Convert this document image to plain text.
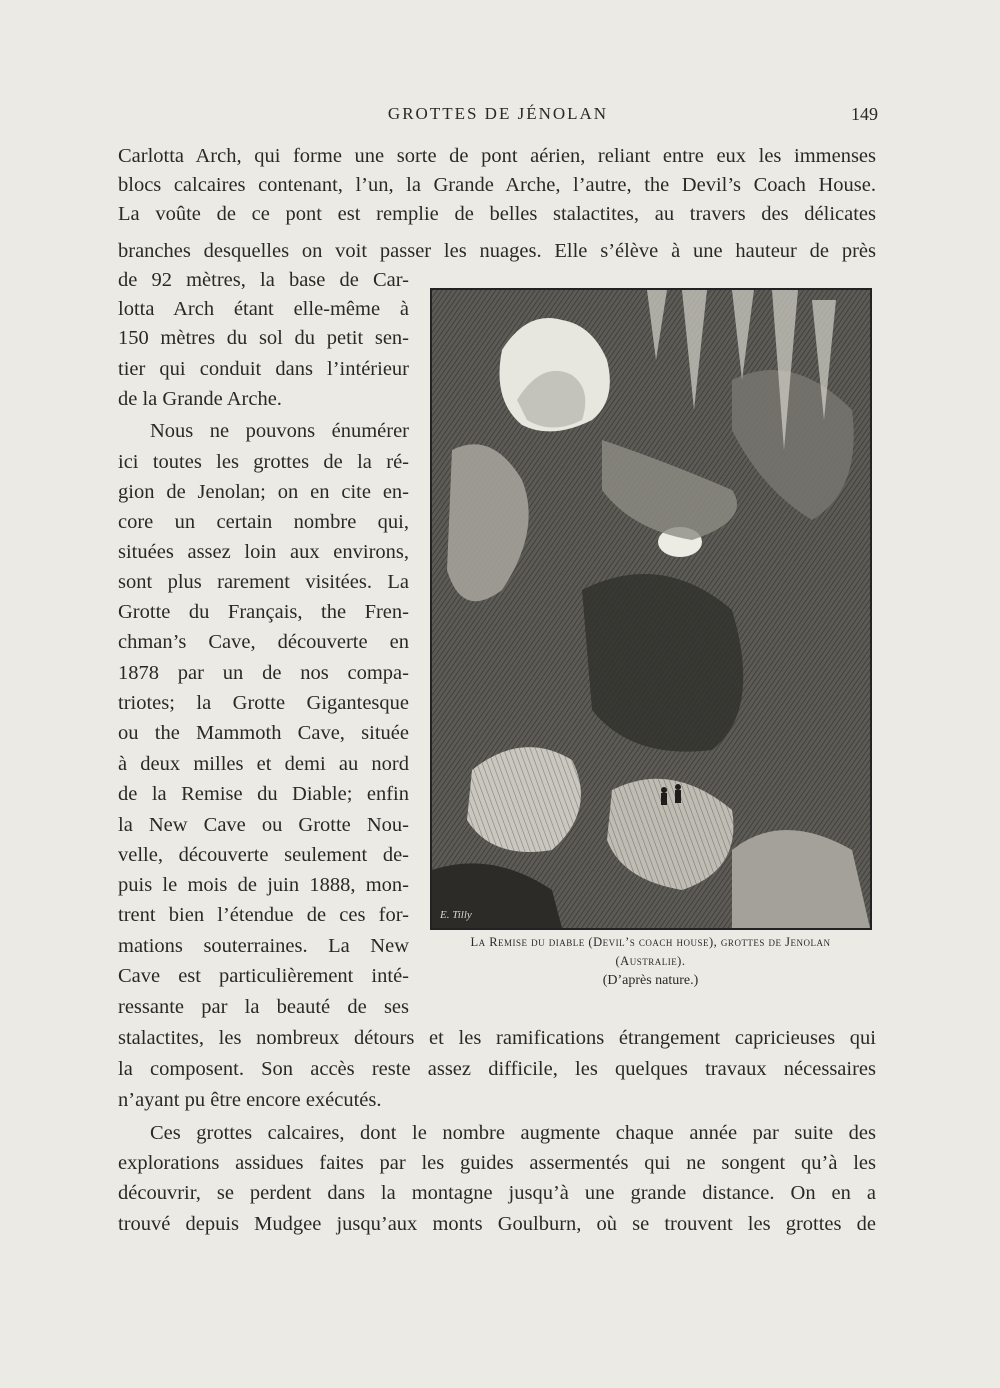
GROTTES DE JÉNOLAN	149
Carlotta Arch, qui forme une sorte de pont aérien, reliant entre eux les immenses
blocs calcaires contenant, l’un, la Grande Arche, l’autre, the Devil’s Coach House.
La voûte de ce pont est remplie de belles stalactites, au travers des délicates
branches desquelles on voit passer les nuages. Elle s’élève à une hauteur de près
de 92 mètres, la base de Car-
lotta Arch étant elle-même à
150 mètres du sol du petit sen-
tier qui conduit dans l’intérieur
de la Grande Arche.
Nous ne pouvons énumérer
ici toutes les grottes de la ré-
gion de Jenolan; on en cite en-
core un certain nombre qui,
situées assez loin aux environs,
sont plus rarement visitées. La
Grotte du Français, the Fren-
chman’s Cave, découverte en
1878 par un de nos compa-
triotes; la Grotte Gigantesque
ou the Mammoth Cave, située
à deux milles et demi au nord
de la Remise du Diable; enfin
la New Cave ou Grotte Nou-
velle, découverte seulement de-
puis le mois de juin 1888, mon-
trent bien l’étendue de ces for-
mations souterraines. La New
Cave est particulièrement inté-
ressante par la beauté de ses
stalactites, les nombreux détours et les ramifications étrangement capricieuses qui
la composent. Son accès reste assez difficile, les quelques travaux nécessaires
n’ayant pu être encore exécutés.
Ces grottes calcaires, dont le nombre augmente chaque année par suite des
explorations assidues faites par les guides assermentés qui ne songent qu’à les
découvrir, se perdent dans la montagne jusqu’à une grande distance. On en a
trouvé depuis Mudgee jusqu’aux monts Goulburn, où se trouvent les grottes de
E. Tilly
La Remise du diable (Devil’s coach house), grottes de Jenolan
(Australie).
(D’après nature.)
